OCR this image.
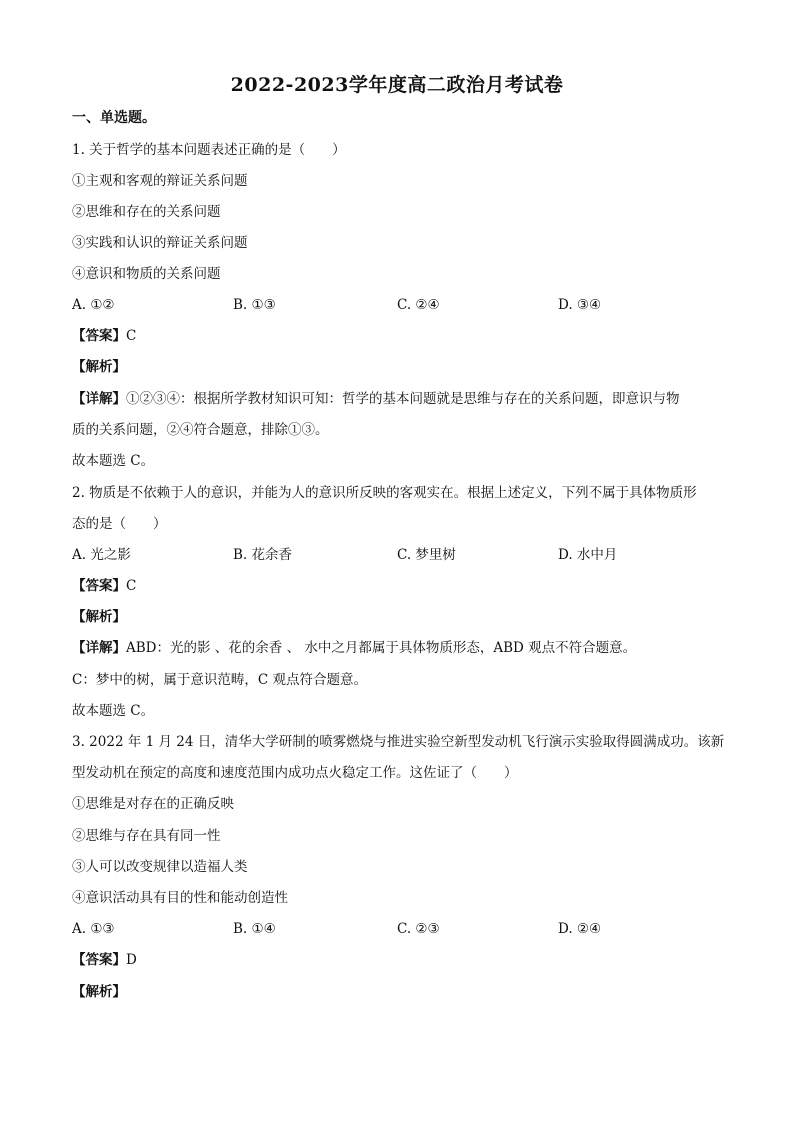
2022-2023学年度高二政治月考试卷
一、单选题。
1. 关于哲学的基本问题表述正确的是（　　）
①主观和客观的辩证关系问题
②思维和存在的关系问题
③实践和认识的辩证关系问题
④意识和物质的关系问题
A. ①②	B. ①③	C. ②④	D. ③④
【答案】C
【解析】
【详解】①②③④：根据所学教材知识可知：哲学的基本问题就是思维与存在的关系问题，即意识与物
质的关系问题，②④符合题意，排除①③。
故本题选 C。
2. 物质是不依赖于人的意识，并能为人的意识所反映的客观实在。根据上述定义，下列不属于具体物质形
态的是（　　）
A. 光之影	B. 花余香	C. 梦里树	D. 水中月
【答案】C
【解析】
【详解】ABD：光的影 、花的余香 、 水中之月都属于具体物质形态，ABD 观点不符合题意。
C：梦中的树，属于意识范畴，C 观点符合题意。
故本题选 C。
3. 2022 年 1 月 24 日，清华大学研制的喷雾燃烧与推进实验空新型发动机飞行演示实验取得圆满成功。该新
型发动机在预定的高度和速度范围内成功点火稳定工作。这佐证了（　　）
①思维是对存在的正确反映
②思维与存在具有同一性
③人可以改变规律以造福人类
④意识活动具有目的性和能动创造性
A. ①③	B. ①④	C. ②③	D. ②④
【答案】D
【解析】
